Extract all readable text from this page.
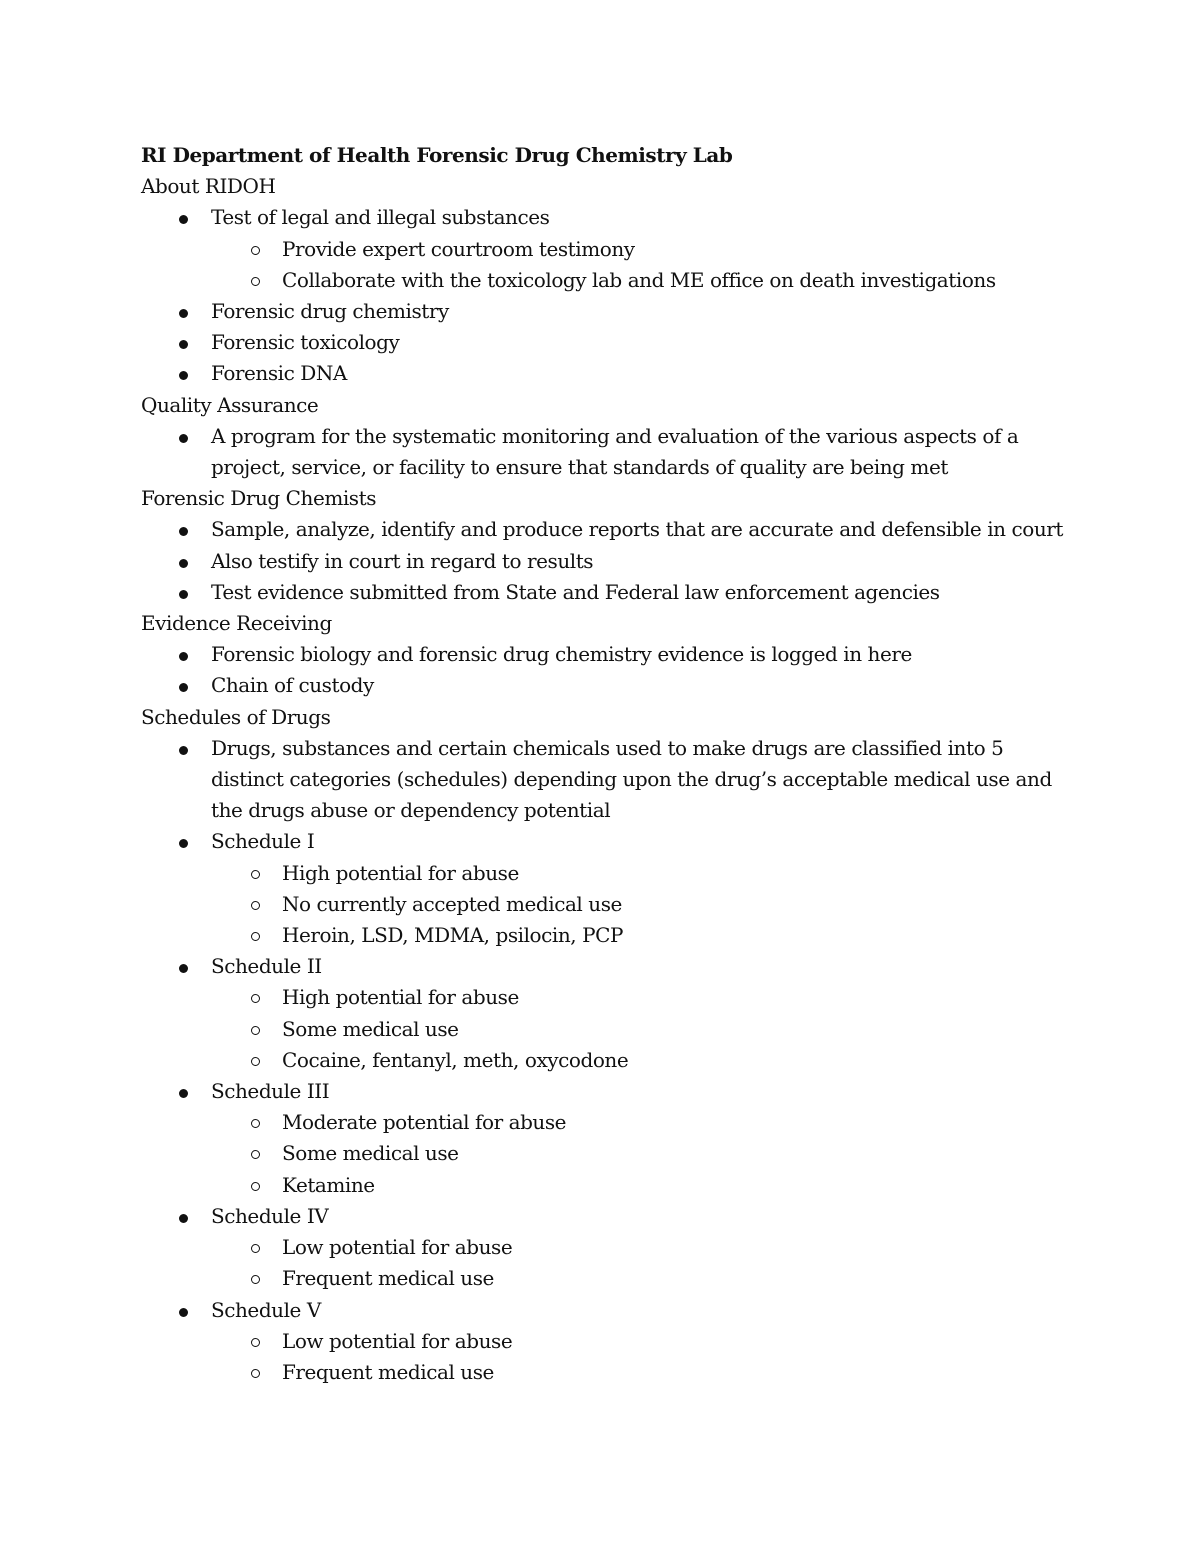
RI Department of Health Forensic Drug Chemistry Lab
About RIDOH
Test of legal and illegal substances
Provide expert courtroom testimony
Collaborate with the toxicology lab and ME office on death investigations
Forensic drug chemistry
Forensic toxicology
Forensic DNA
Quality Assurance
A program for the systematic monitoring and evaluation of the various aspects of a project, service, or facility to ensure that standards of quality are being met
Forensic Drug Chemists
Sample, analyze, identify and produce reports that are accurate and defensible in court
Also testify in court in regard to results
Test evidence submitted from State and Federal law enforcement agencies
Evidence Receiving
Forensic biology and forensic drug chemistry evidence is logged in here
Chain of custody
Schedules of Drugs
Drugs, substances and certain chemicals used to make drugs are classified into 5 distinct categories (schedules) depending upon the drug’s acceptable medical use and the drugs abuse or dependency potential
Schedule I
High potential for abuse
No currently accepted medical use
Heroin, LSD, MDMA, psilocin, PCP
Schedule II
High potential for abuse
Some medical use
Cocaine, fentanyl, meth, oxycodone
Schedule III
Moderate potential for abuse
Some medical use
Ketamine
Schedule IV
Low potential for abuse
Frequent medical use
Schedule V
Low potential for abuse
Frequent medical use
